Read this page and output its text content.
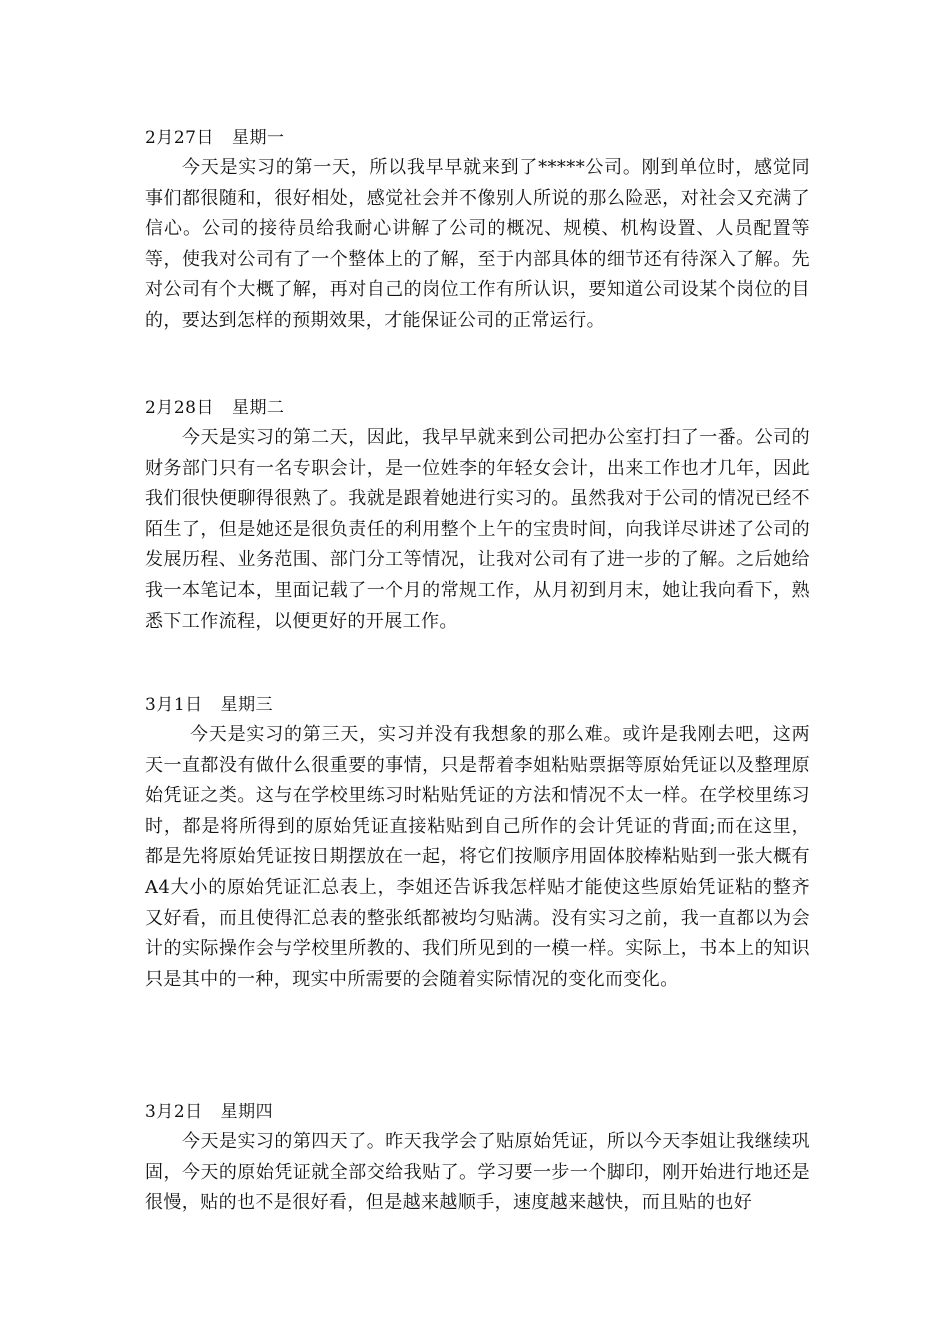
2月27日 星期一

今天是实习的第一天，所以我早早就来到了*****公司。刚到单位时，感觉同事们都很随和，很好相处，感觉社会并不像别人所说的那么险恶，对社会又充满了信心。公司的接待员给我耐心讲解了公司的概况、规模、机构设置、人员配置等等，使我对公司有了一个整体上的了解，至于内部具体的细节还有待深入了解。先对公司有个大概了解，再对自己的岗位工作有所认识，要知道公司设某个岗位的目的，要达到怎样的预期效果，才能保证公司的正常运行。

2月28日 星期二

今天是实习的第二天，因此，我早早就来到公司把办公室打扫了一番。公司的财务部门只有一名专职会计，是一位姓李的年轻女会计，出来工作也才几年，因此我们很快便聊得很熟了。我就是跟着她进行实习的。虽然我对于公司的情况已经不陌生了，但是她还是很负责任的利用整个上午的宝贵时间，向我详尽讲述了公司的发展历程、业务范围、部门分工等情况，让我对公司有了进一步的了解。之后她给我一本笔记本，里面记载了一个月的常规工作，从月初到月末，她让我向看下，熟悉下工作流程，以便更好的开展工作。

3月1日 星期三

今天是实习的第三天，实习并没有我想象的那么难。或许是我刚去吧，这两天一直都没有做什么很重要的事情，只是帮着李姐粘贴票据等原始凭证以及整理原始凭证之类。这与在学校里练习时粘贴凭证的方法和情况不太一样。在学校里练习时，都是将所得到的原始凭证直接粘贴到自己所作的会计凭证的背面;而在这里，都是先将原始凭证按日期摆放在一起，将它们按顺序用固体胶棒粘贴到一张大概有A4大小的原始凭证汇总表上，李姐还告诉我怎样贴才能使这些原始凭证粘的整齐又好看，而且使得汇总表的整张纸都被均匀贴满。没有实习之前，我一直都以为会计的实际操作会与学校里所教的、我们所见到的一模一样。实际上，书本上的知识只是其中的一种，现实中所需要的会随着实际情况的变化而变化。

3月2日 星期四

今天是实习的第四天了。昨天我学会了贴原始凭证，所以今天李姐让我继续巩固，今天的原始凭证就全部交给我贴了。学习要一步一个脚印，刚开始进行地还是很慢，贴的也不是很好看，但是越来越顺手，速度越来越快，而且贴的也好
